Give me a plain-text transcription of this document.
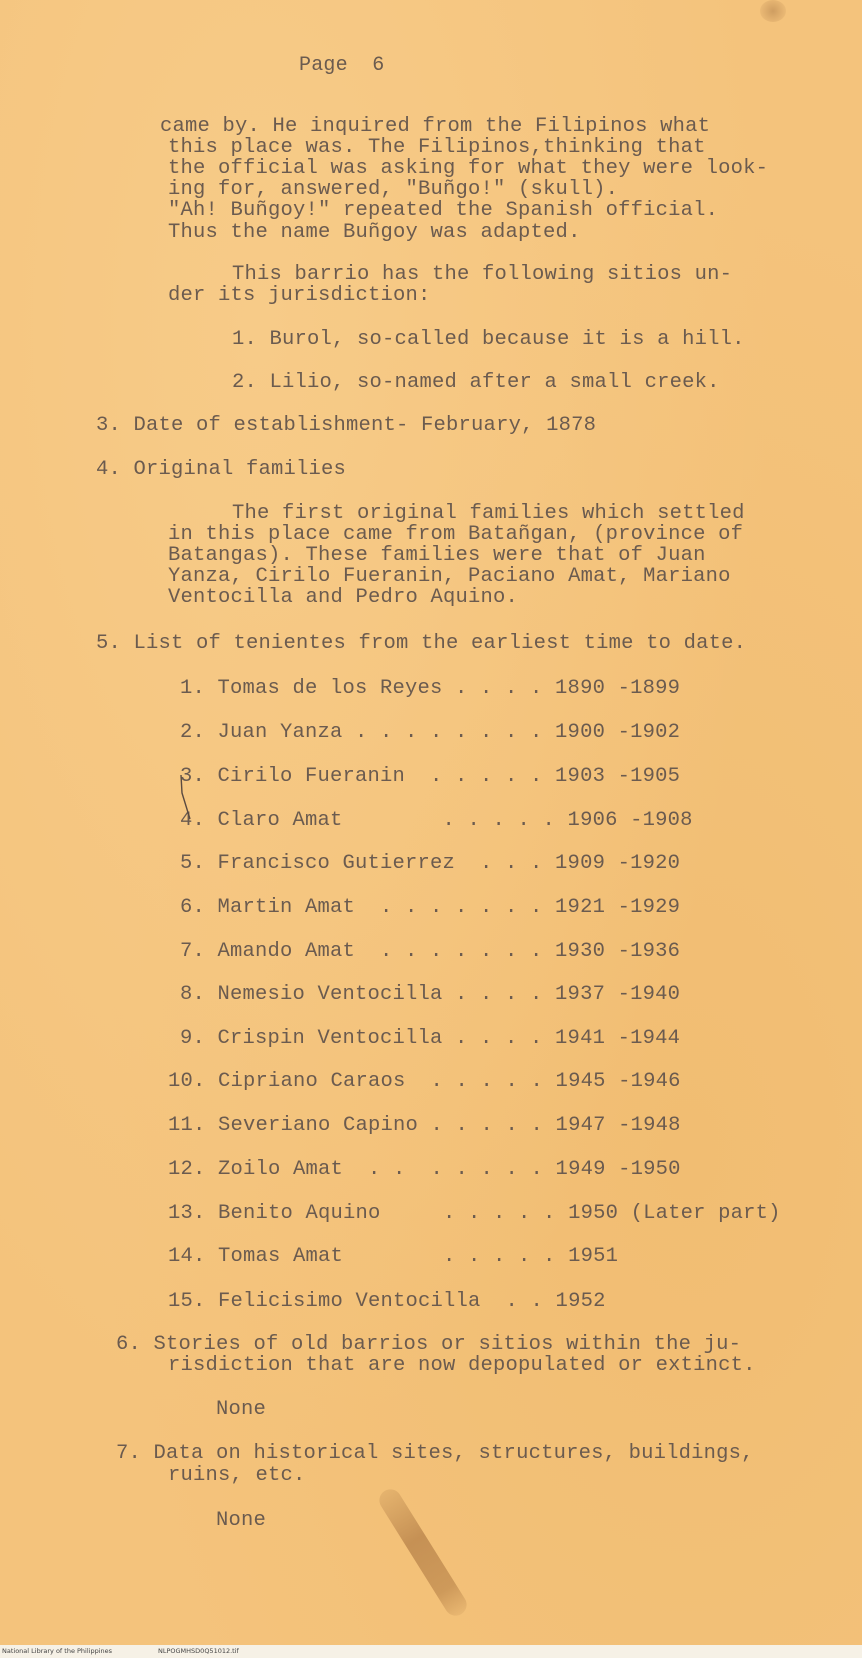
Page  6
came by. He inquired from the Filipinos what
this place was. The Filipinos,thinking that
the official was asking for what they were look-
ing for, answered, "Buñgo!" (skull).
"Ah! Buñgoy!" repeated the Spanish official.
Thus the name Buñgoy was adapted.
This barrio has the following sitios un-
der its jurisdiction:
1. Burol, so-called because it is a hill.
2. Lilio, so-named after a small creek.
3. Date of establishment- February, 1878
4. Original families
The first original families which settled
in this place came from Batañgan, (province of
Batangas). These families were that of Juan
Yanza, Cirilo Fueranin, Paciano Amat, Mariano
Ventocilla and Pedro Aquino.
5. List of tenientes from the earliest time to date.
1. Tomas de los Reyes . . . . 1890 -1899
2. Juan Yanza . . . . . . . . 1900 -1902
3. Cirilo Fueranin  . . . . . 1903 -1905
4. Claro Amat        . . . . . 1906 -1908
5. Francisco Gutierrez  . . . 1909 -1920
6. Martin Amat  . . . . . . . 1921 -1929
7. Amando Amat  . . . . . . . 1930 -1936
8. Nemesio Ventocilla . . . . 1937 -1940
9. Crispin Ventocilla . . . . 1941 -1944
10. Cipriano Caraos  . . . . . 1945 -1946
11. Severiano Capino . . . . . 1947 -1948
12. Zoilo Amat  . .  . . . . . 1949 -1950
13. Benito Aquino     . . . . . 1950 (Later part)
14. Tomas Amat        . . . . . 1951
15. Felicisimo Ventocilla  . . 1952
6. Stories of old barrios or sitios within the ju-
risdiction that are now depopulated or extinct.
None
7. Data on historical sites, structures, buildings,
ruins, etc.
None
National Library of the Philippines	NLPOGMHSD0Q51012.tif
